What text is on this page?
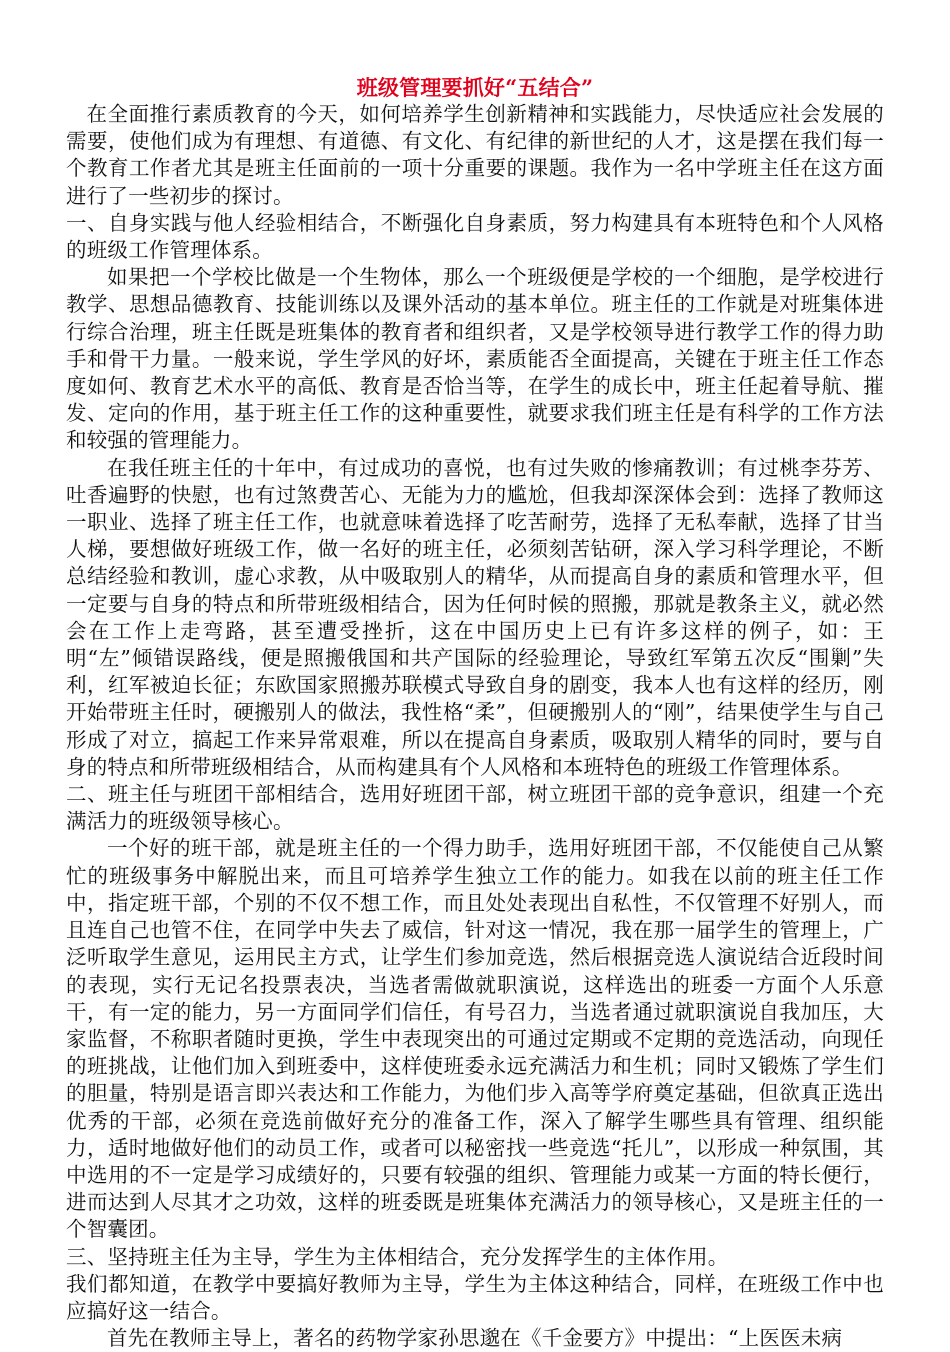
班级管理要抓好“五结合”

在全面推行素质教育的今天，如何培养学生创新精神和实践能力，尽快适应社会发展的需要，使他们成为有理想、有道德、有文化、有纪律的新世纪的人才，这是摆在我们每一个教育工作者尤其是班主任面前的一项十分重要的课题。我作为一名中学班主任在这方面进行了一些初步的探讨。

一、自身实践与他人经验相结合，不断强化自身素质，努力构建具有本班特色和个人风格的班级工作管理体系。

如果把一个学校比做是一个生物体，那么一个班级便是学校的一个细胞，是学校进行教学、思想品德教育、技能训练以及课外活动的基本单位。班主任的工作就是对班集体进行综合治理，班主任既是班集体的教育者和组织者，又是学校领导进行教学工作的得力助手和骨干力量。一般来说，学生学风的好坏，素质能否全面提高，关键在于班主任工作态度如何、教育艺术水平的高低、教育是否恰当等，在学生的成长中，班主任起着导航、摧发、定向的作用，基于班主任工作的这种重要性，就要求我们班主任是有科学的工作方法和较强的管理能力。

在我任班主任的十年中，有过成功的喜悦，也有过失败的惨痛教训；有过桃李芬芳、吐香遍野的快慰，也有过煞费苦心、无能为力的尴尬，但我却深深体会到：选择了教师这一职业、选择了班主任工作，也就意味着选择了吃苦耐劳，选择了无私奉献，选择了甘当人梯，要想做好班级工作，做一名好的班主任，必须刻苦钻研，深入学习科学理论，不断总结经验和教训，虚心求教，从中吸取别人的精华，从而提高自身的素质和管理水平，但一定要与自身的特点和所带班级相结合，因为任何时候的照搬，那就是教条主义，就必然会在工作上走弯路，甚至遭受挫折，这在中国历史上已有许多这样的例子，如：王明“左”倾错误路线，便是照搬俄国和共产国际的经验理论，导致红军第五次反“围剿”失利，红军被迫长征；东欧国家照搬苏联模式导致自身的剧变，我本人也有这样的经历，刚开始带班主任时，硬搬别人的做法，我性格“柔”，但硬搬别人的“刚”，结果使学生与自己形成了对立，搞起工作来异常艰难，所以在提高自身素质，吸取别人精华的同时，要与自身的特点和所带班级相结合，从而构建具有个人风格和本班特色的班级工作管理体系。

二、班主任与班团干部相结合，选用好班团干部，树立班团干部的竞争意识，组建一个充满活力的班级领导核心。

一个好的班干部，就是班主任的一个得力助手，选用好班团干部，不仅能使自己从繁忙的班级事务中解脱出来，而且可培养学生独立工作的能力。如我在以前的班主任工作中，指定班干部，个别的不仅不想工作，而且处处表现出自私性，不仅管理不好别人，而且连自己也管不住，在同学中失去了威信，针对这一情况，我在那一届学生的管理上，广泛听取学生意见，运用民主方式，让学生们参加竞选，然后根据竞选人演说结合近段时间的表现，实行无记名投票表决，当选者需做就职演说，这样选出的班委一方面个人乐意干，有一定的能力，另一方面同学们信任，有号召力，当选者通过就职演说自我加压，大家监督，不称职者随时更换，学生中表现突出的可通过定期或不定期的竞选活动，向现任的班挑战，让他们加入到班委中，这样使班委永远充满活力和生机；同时又锻炼了学生们的胆量，特别是语言即兴表达和工作能力，为他们步入高等学府奠定基础，但欲真正选出优秀的干部，必须在竞选前做好充分的准备工作，深入了解学生哪些具有管理、组织能力，适时地做好他们的动员工作，或者可以秘密找一些竞选“托儿”，以形成一种氛围，其中选用的不一定是学习成绩好的，只要有较强的组织、管理能力或某一方面的特长便行，进而达到人尽其才之功效，这样的班委既是班集体充满活力的领导核心，又是班主任的一个智囊团。

三、坚持班主任为主导，学生为主体相结合，充分发挥学生的主体作用。

我们都知道，在教学中要搞好教师为主导，学生为主体这种结合，同样，在班级工作中也应搞好这一结合。

首先在教师主导上，著名的药物学家孙思邈在《千金要方》中提出：“上医医未病
